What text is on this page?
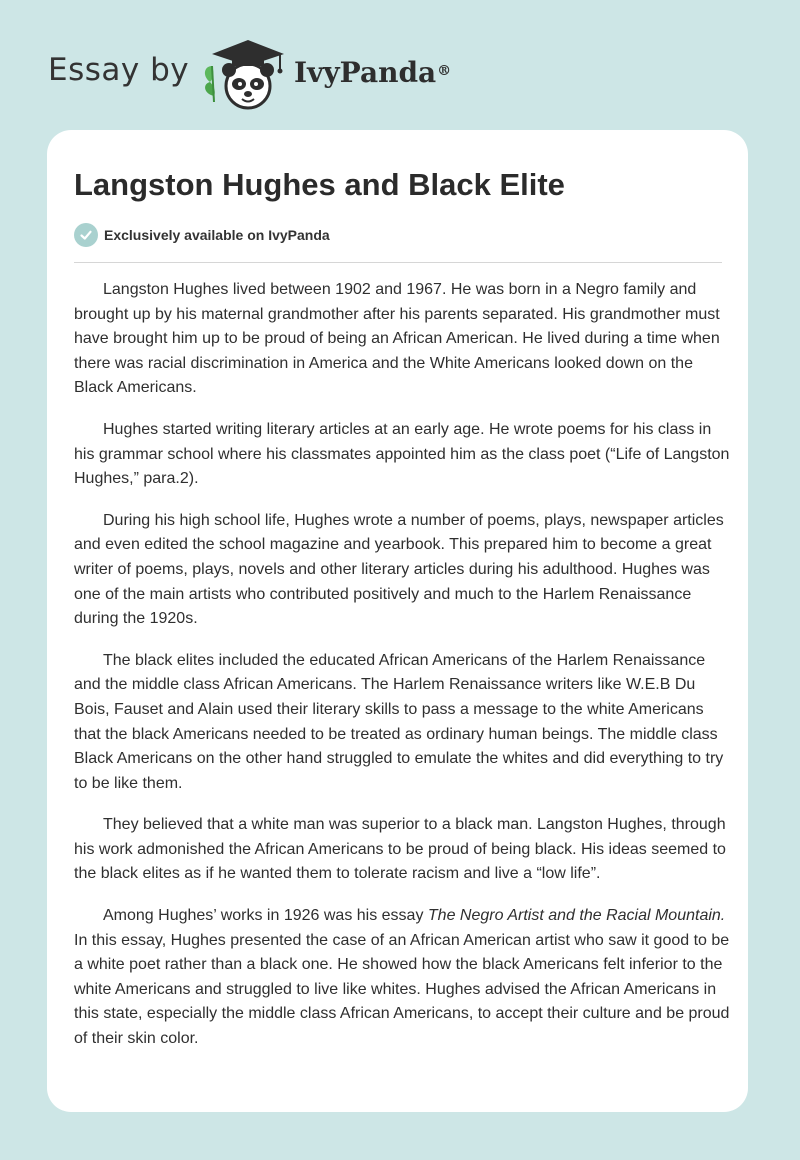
Essay by	IvyPanda®
Langston Hughes and Black Elite
Exclusively available on IvyPanda

Langston Hughes lived between 1902 and 1967. He was born in a Negro family and brought up by his maternal grandmother after his parents separated. His grandmother must have brought him up to be proud of being an African American. He lived during a time when there was racial discrimination in America and the White Americans looked down on the Black Americans.

Hughes started writing literary articles at an early age. He wrote poems for his class in his grammar school where his classmates appointed him as the class poet (“Life of Langston Hughes,” para.2).

During his high school life, Hughes wrote a number of poems, plays, newspaper articles and even edited the school magazine and yearbook. This prepared him to become a great writer of poems, plays, novels and other literary articles during his adulthood. Hughes was one of the main artists who contributed positively and much to the Harlem Renaissance during the 1920s.

The black elites included the educated African Americans of the Harlem Renaissance and the middle class African Americans. The Harlem Renaissance writers like W.E.B Du Bois, Fauset and Alain used their literary skills to pass a message to the white Americans that the black Americans needed to be treated as ordinary human beings. The middle class Black Americans on the other hand struggled to emulate the whites and did everything to try to be like them.

They believed that a white man was superior to a black man. Langston Hughes, through his work admonished the African Americans to be proud of being black. His ideas seemed to the black elites as if he wanted them to tolerate racism and live a “low life”.

Among Hughes’ works in 1926 was his essay The Negro Artist and the Racial Mountain. In this essay, Hughes presented the case of an African American artist who saw it good to be a white poet rather than a black one. He showed how the black Americans felt inferior to the white Americans and struggled to live like whites. Hughes advised the African Americans in this state, especially the middle class African Americans, to accept their culture and be proud of their skin color.
